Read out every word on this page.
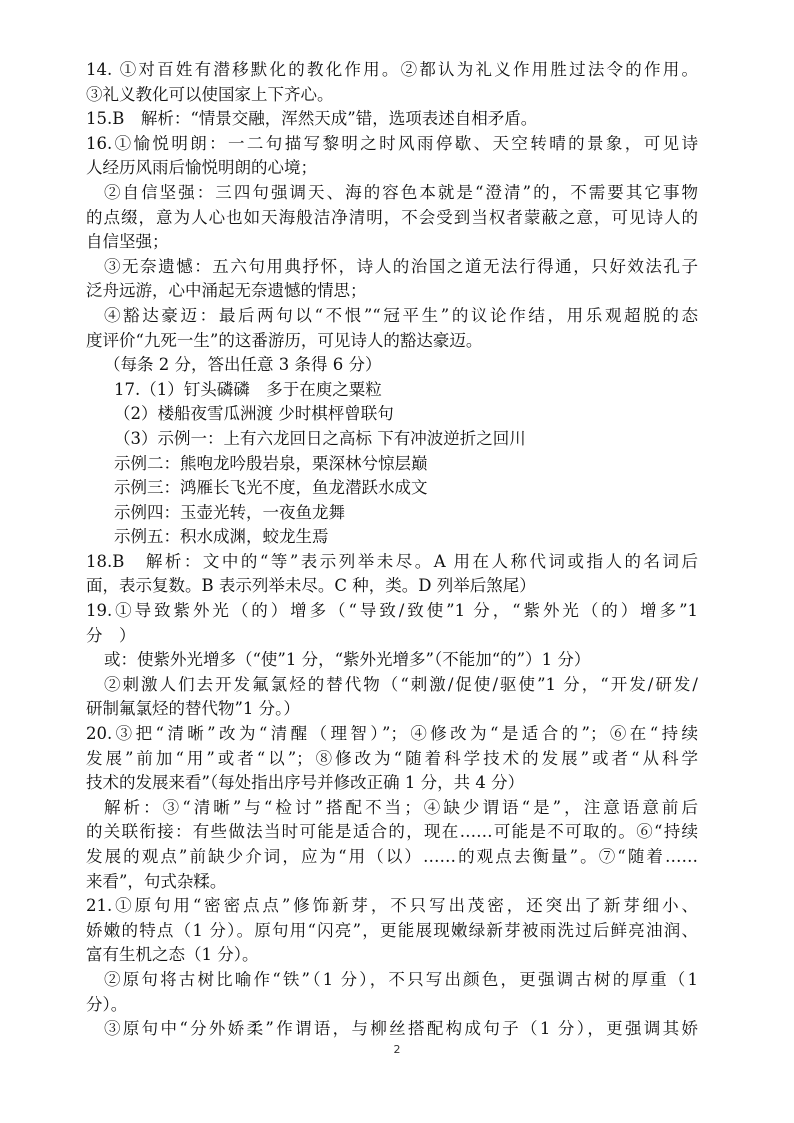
14. ①对百姓有潜移默化的教化作用。②都认为礼义作用胜过法令的作用。
③礼义教化可以使国家上下齐心。
15.B　解析：“情景交融，浑然天成”错，选项表述自相矛盾。
16.①愉悦明朗：一二句描写黎明之时风雨停歇、天空转晴的景象，可见诗
人经历风雨后愉悦明朗的心境；
②自信坚强：三四句强调天、海的容色本就是“澄清”的，不需要其它事物
的点缀，意为人心也如天海般洁净清明，不会受到当权者蒙蔽之意，可见诗人的
自信坚强；
③无奈遗憾：五六句用典抒怀，诗人的治国之道无法行得通，只好效法孔子
泛舟远游，心中涌起无奈遗憾的情思；
④豁达豪迈：最后两句以“不恨”“冠平生”的议论作结，用乐观超脱的态
度评价“九死一生”的这番游历，可见诗人的豁达豪迈。
（每条 2 分，答出任意 3 条得 6 分）
17.（1）钉头磷磷　多于在庾之粟粒
（2）楼船夜雪瓜洲渡 少时棋枰曾联句
（3）示例一：上有六龙回日之高标 下有冲波逆折之回川
示例二：熊咆龙吟殷岩泉，栗深林兮惊层巅
示例三：鸿雁长飞光不度，鱼龙潜跃水成文
示例四：玉壶光转，一夜鱼龙舞
示例五：积水成渊，蛟龙生焉
18.B　解析：文中的“等”表示列举未尽。A 用在人称代词或指人的名词后
面，表示复数。B 表示列举未尽。C 种，类。D 列举后煞尾）
19.①导致紫外光（的）增多（“导致/致使”1 分，“紫外光（的）增多”1
分　）
或：使紫外光增多（“使”1 分，“紫外光增多”（不能加“的”）1 分）
②刺激人们去开发氟氯烃的替代物（“刺激/促使/驱使”1 分，“开发/研发/
研制氟氯烃的替代物”1 分。）
20.③把“清晰”改为“清醒（理智）”；④修改为“是适合的”；⑥在“持续
发展”前加“用”或者“以”；⑧修改为“随着科学技术的发展”或者“从科学
技术的发展来看”（每处指出序号并修改正确 1 分，共 4 分）
解析：③“清晰”与“检讨”搭配不当；④缺少谓语“是”，注意语意前后
的关联衔接：有些做法当时可能是适合的，现在……可能是不可取的。⑥“持续
发展的观点”前缺少介词，应为“用（以）……的观点去衡量”。⑦“随着……
来看”，句式杂糅。
21.①原句用“密密点点”修饰新芽，不只写出茂密，还突出了新芽细小、
娇嫩的特点（1 分）。原句用“闪亮”，更能展现嫩绿新芽被雨洗过后鲜亮油润、
富有生机之态（1 分）。
②原句将古树比喻作“铁”（1 分），不只写出颜色，更强调古树的厚重（1
分）。
③原句中“分外娇柔”作谓语，与柳丝搭配构成句子（1 分），更强调其娇
2
